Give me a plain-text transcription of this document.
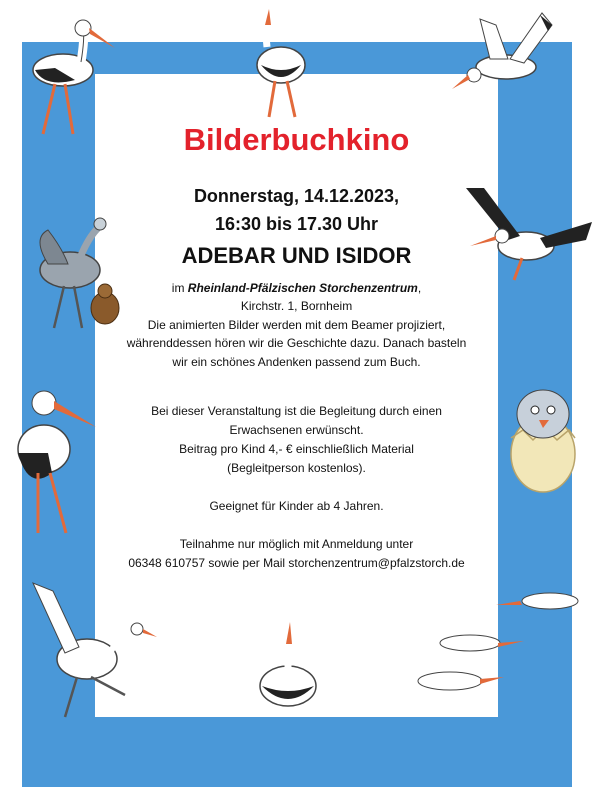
Bilderbuchkino
Donnerstag, 14.12.2023,
16:30 bis 17.30 Uhr
ADEBAR UND ISIDOR
im Rheinland-Pfälzischen Storchenzentrum,
Kirchstr. 1, Bornheim
Die animierten Bilder werden mit dem Beamer projiziert,
währenddessen hören wir die Geschichte dazu. Danach basteln
wir ein schönes Andenken passend zum Buch.
Bei dieser Veranstaltung ist die Begleitung durch einen
Erwachsenen erwünscht.
Beitrag pro Kind 4,- € einschließlich Material
(Begleitperson kostenlos).
Geeignet für Kinder ab 4 Jahren.
Teilnahme nur möglich mit Anmeldung unter
06348 610757 sowie per Mail storchenzentrum@pfalzstorch.de
